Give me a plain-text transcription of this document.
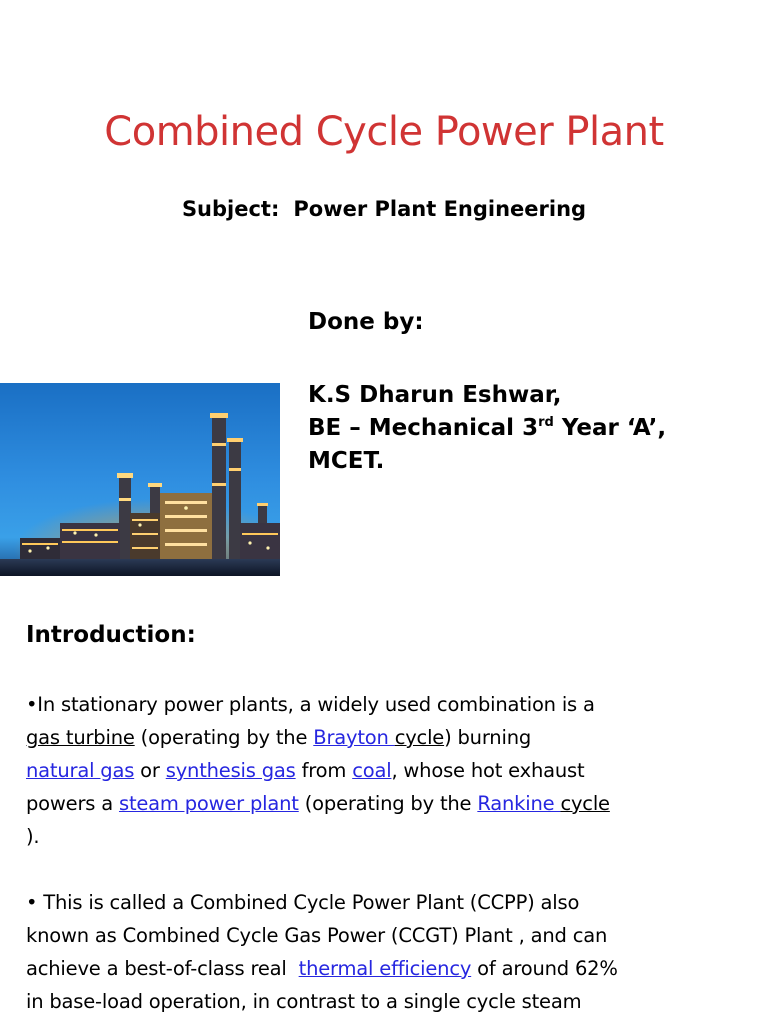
Combined Cycle Power Plant
Subject: Power Plant Engineering
Done by:
K.S Dharun Eshwar,
BE – Mechanical 3rd Year ‘A’,
MCET.
Introduction:

•In stationary power plants, a widely used combination is a
gas turbine (operating by the Brayton cycle) burning
natural gas or synthesis gas from coal, whose hot exhaust
powers a steam power plant (operating by the Rankine cycle
).

• This is called a Combined Cycle Power Plant (CCPP) also
known as Combined Cycle Gas Power (CCGT) Plant , and can
achieve a best-of-class real  thermal efficiency of around 62%
in base-load operation, in contrast to a single cycle steam
